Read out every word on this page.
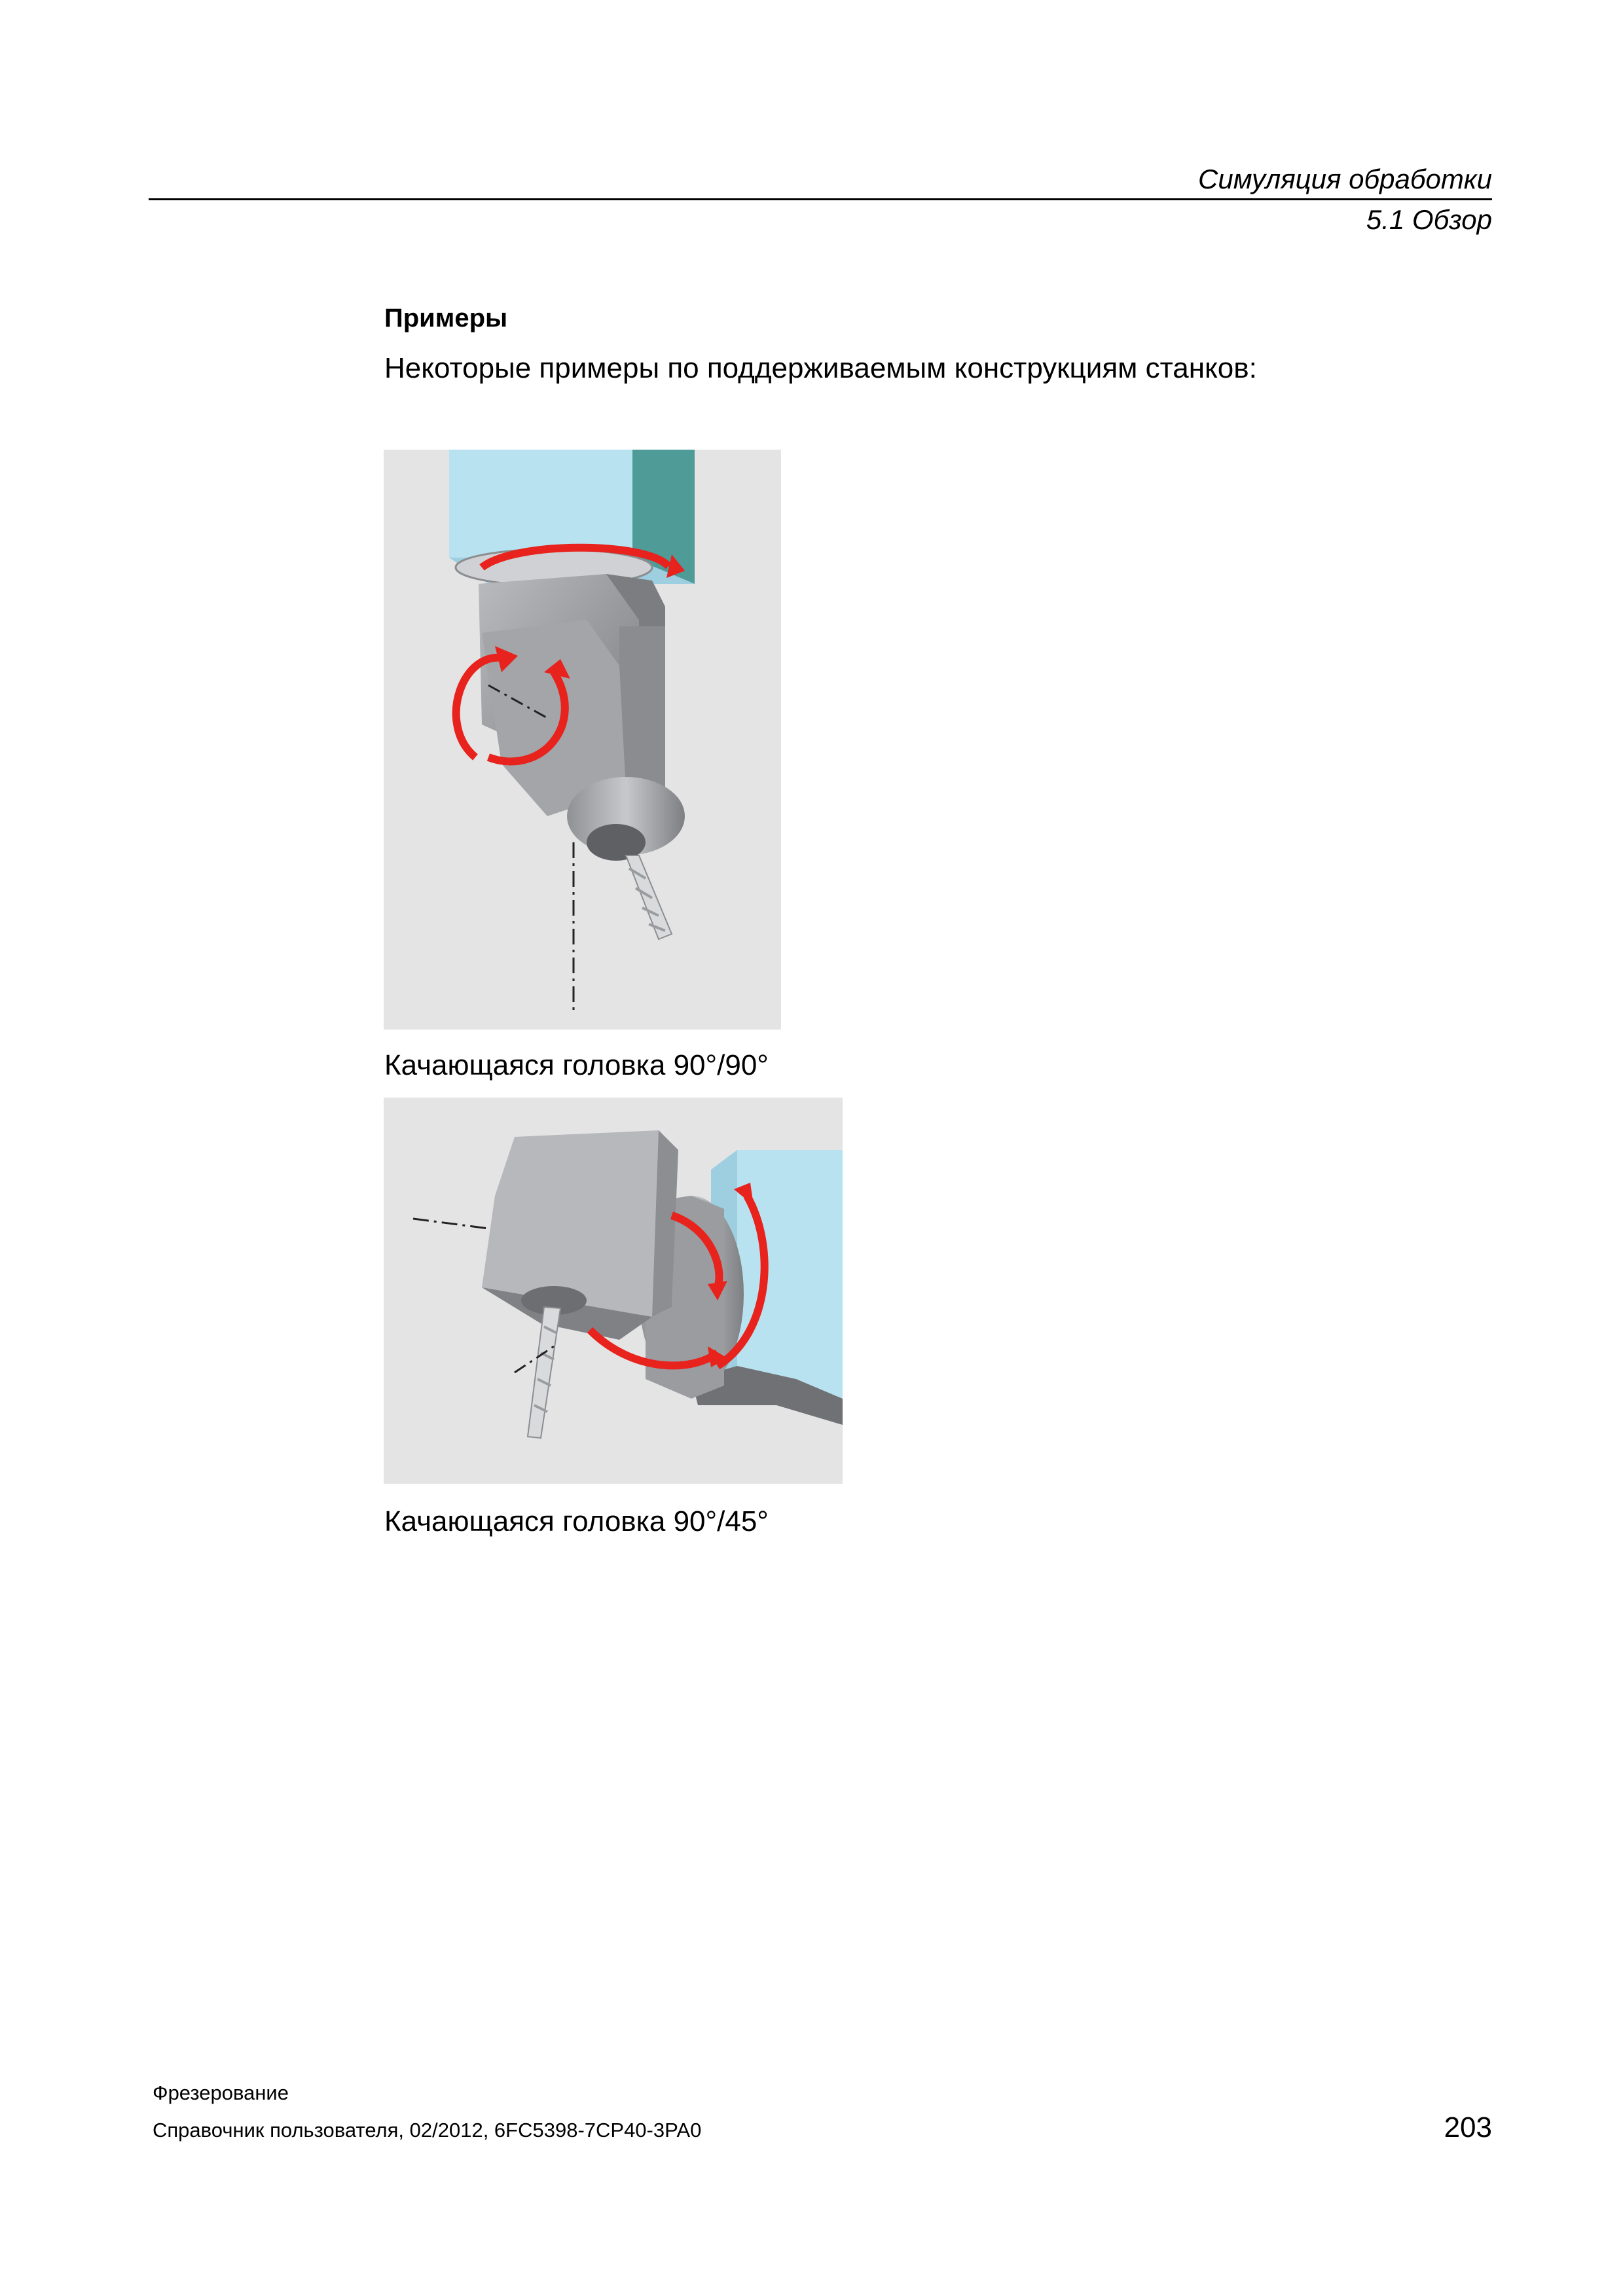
Симуляция обработки
5.1 Обзор
Примеры
Некоторые примеры по поддерживаемым конструкциям станков:
Качающаяся головка 90°/90°
Качающаяся головка 90°/45°
Фрезерование
Справочник пользователя, 02/2012, 6FC5398-7CP40-3PA0	203
